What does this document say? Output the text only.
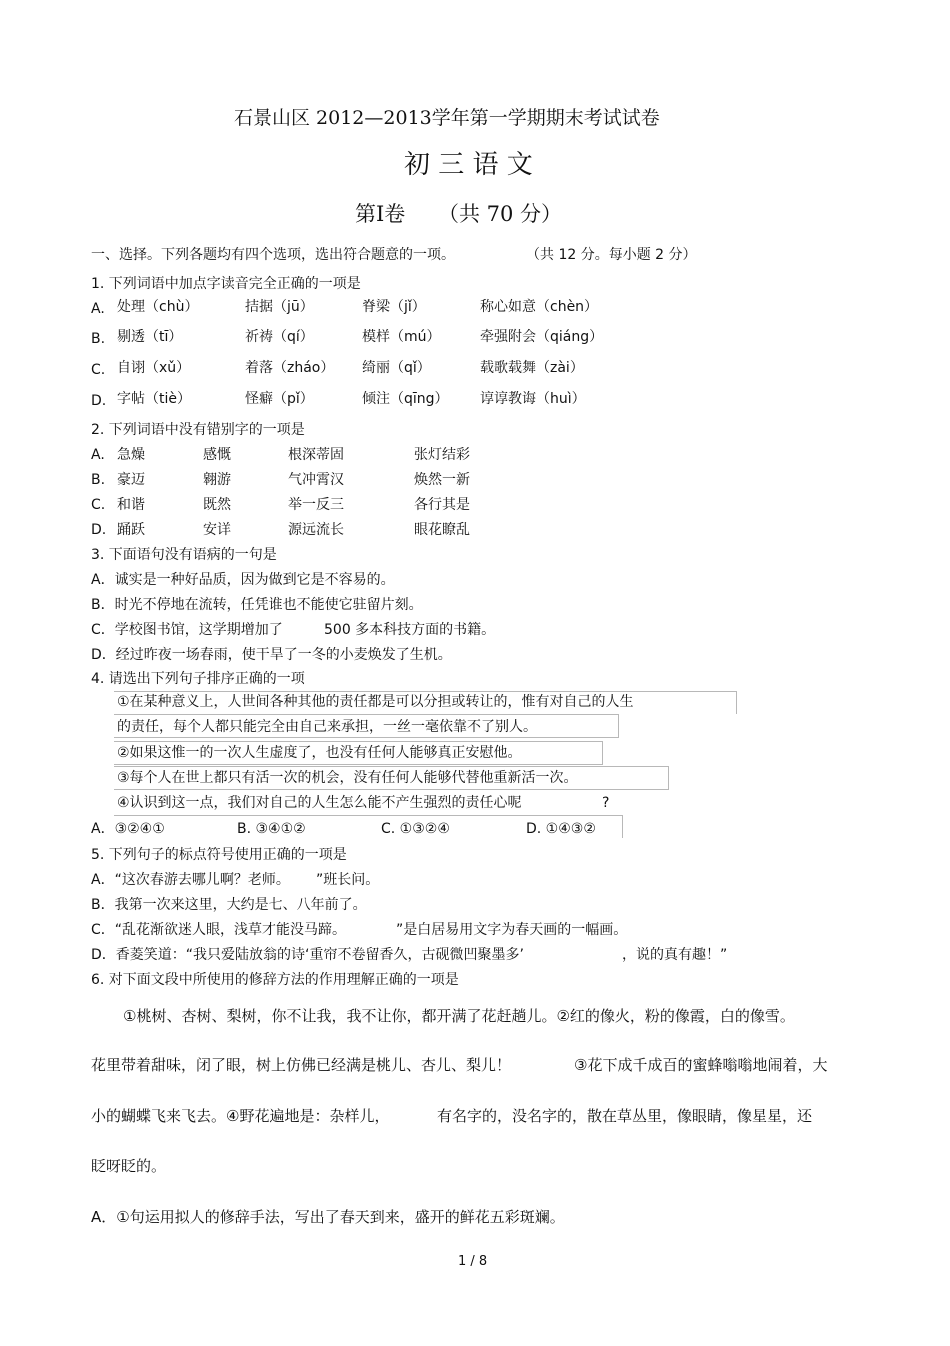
石景山区 2012—2013学年第一学期期末考试试卷
初 三 语 文
第Ⅰ卷 （共 70 分）
一、选择。下列各题均有四个选项，选出符合题意的一项。	（共 12 分。每小题 2 分）
1. 下列词语中加点字读音完全正确的一项是
A. 处理（chù）	拮据（jū）	脊梁（jǐ）	称心如意（chèn）
B. 剔透（tī）	祈祷（qí）	模样（mú）	牵强附会（qiáng）
C. 自诩（xǔ）	着落（zháo） 绮丽（qǐ）	载歌载舞（zài）
D. 字帖（tiè）	怪癖（pǐ）	倾注（qīng） 谆谆教诲（huì）
2. 下列词语中没有错别字的一项是
A. 急燥	感慨	根深蒂固	张灯结彩
B. 豪迈	翱游	气冲霄汉	焕然一新
C. 和谐	既然	举一反三	各行其是
D. 踊跃	安详	源远流长	眼花瞭乱
3. 下面语句没有语病的一句是
A．诚实是一种好品质，因为做到它是不容易的。
B．时光不停地在流转，任凭谁也不能使它驻留片刻。
C．学校图书馆，这学期增加了	500 多本科技方面的书籍。
D．经过昨夜一场春雨，使干旱了一冬的小麦焕发了生机。
4. 请选出下列句子排序正确的一项
①在某种意义上，人世间各种其他的责任都是可以分担或转让的，惟有对自己的人生
的责任，每个人都只能完全由自己来承担，一丝一毫依靠不了别人。
②如果这惟一的一次人生虚度了，也没有任何人能够真正安慰他。
③每个人在世上都只有活一次的机会，没有任何人能够代替他重新活一次。
④认识到这一点，我们对自己的人生怎么能不产生强烈的责任心呢	?
A．③②④①	B. ③④①②	C. ①③②④	D. ①④③②
5. 下列句子的标点符号使用正确的一项是
A．“这次春游去哪儿啊？老师。 ”班长问。
B．我第一次来这里，大约是七、八年前了。
C．“乱花渐欲迷人眼，浅草才能没马蹄。	”是白居易用文字为春天画的一幅画。
D．香菱笑道：“我只爱陆放翁的诗‘重帘不卷留香久，古砚微凹聚墨多’	，说的真有趣！”
6. 对下面文段中所使用的修辞方法的作用理解正确的一项是
①桃树、杏树、梨树，你不让我，我不让你，都开满了花赶趟儿。②红的像火，粉的像霞，白的像雪。
花里带着甜味，闭了眼，树上仿佛已经满是桃儿、杏儿、梨儿！	③花下成千成百的蜜蜂嗡嗡地闹着，大
小的蝴蝶飞来飞去。④野花遍地是：杂样儿，	有名字的，没名字的，散在草丛里，像眼睛，像星星，还
眨呀眨的。
A．①句运用拟人的修辞手法，写出了春天到来，盛开的鲜花五彩斑斓。
1 / 8
